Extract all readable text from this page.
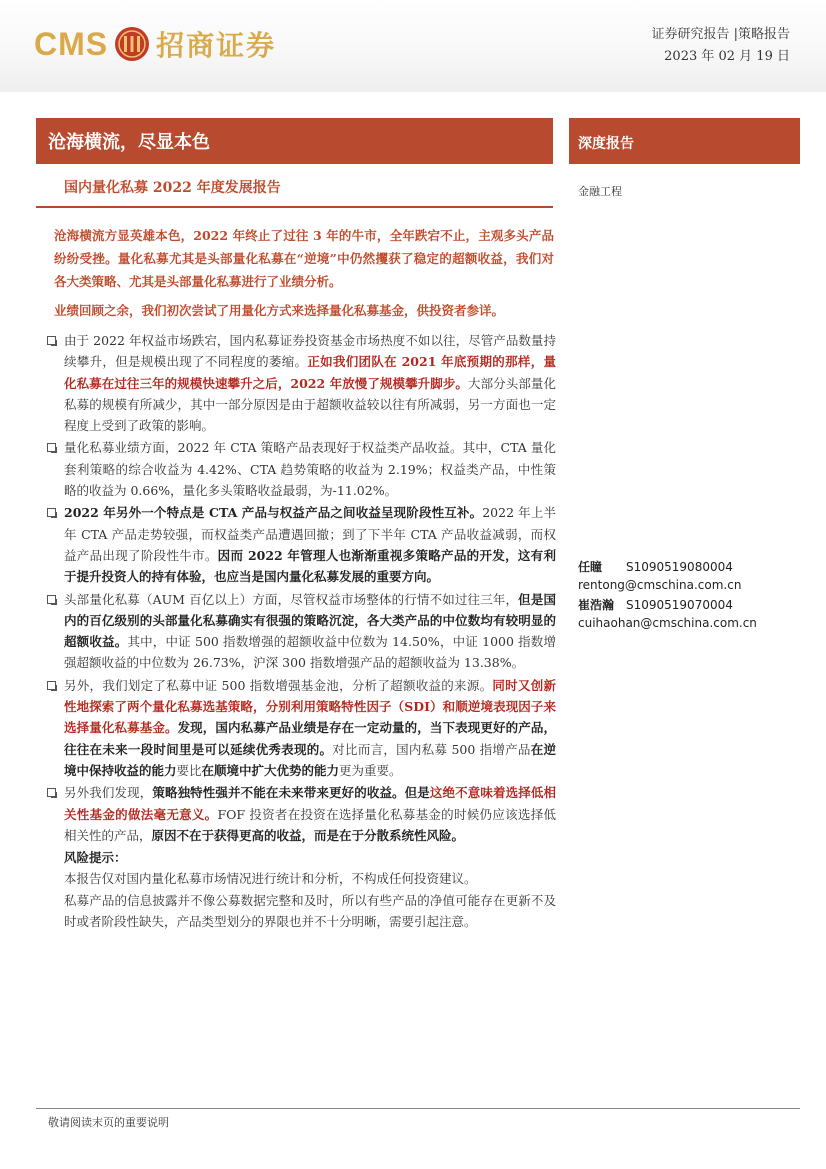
CMS 招商证券	证券研究报告 |策略报告
2023 年 02 月 19 日
沧海横流，尽显本色
国内量化私募 2022 年度发展报告
深度报告
金融工程

沧海横流方显英雄本色，2022 年终止了过往 3 年的牛市，全年跌宕不止，主观多头产品纷纷受挫。量化私募尤其是头部量化私募在“逆境”中仍然攫获了稳定的超额收益，我们对各大类策略、尤其是头部量化私募进行了业绩分析。

业绩回顾之余，我们初次尝试了用量化方式来选择量化私募基金，供投资者参详。

由于 2022 年权益市场跌宕，国内私募证券投资基金市场热度不如以往，尽管产品数量持续攀升，但是规模出现了不同程度的萎缩。正如我们团队在 2021 年底预期的那样，量化私募在过往三年的规模快速攀升之后，2022 年放慢了规模攀升脚步。大部分头部量化私募的规模有所减少，其中一部分原因是由于超额收益较以往有所减弱，另一方面也一定程度上受到了政策的影响。
量化私募业绩方面，2022 年 CTA 策略产品表现好于权益类产品收益。其中，CTA 量化套利策略的综合收益为 4.42%、CTA 趋势策略的收益为 2.19%；权益类产品，中性策略的收益为 0.66%，量化多头策略收益最弱，为-11.02%。
2022 年另外一个特点是 CTA 产品与权益产品之间收益呈现阶段性互补。2022 年上半年 CTA 产品走势较强，而权益类产品遭遇回撤；到了下半年 CTA 产品收益减弱，而权益产品出现了阶段性牛市。因而 2022 年管理人也渐渐重视多策略产品的开发，这有利于提升投资人的持有体验，也应当是国内量化私募发展的重要方向。
头部量化私募（AUM 百亿以上）方面，尽管权益市场整体的行情不如过往三年，但是国内的百亿级别的头部量化私募确实有很强的策略沉淀，各大类产品的中位数均有较明显的超额收益。其中，中证 500 指数增强的超额收益中位数为 14.50%，中证 1000 指数增强超额收益的中位数为 26.73%，沪深 300 指数增强产品的超额收益为 13.38%。
另外，我们划定了私募中证 500 指数增强基金池，分析了超额收益的来源。同时又创新性地探索了两个量化私募选基策略，分别利用策略特性因子（SDI）和顺逆境表现因子来选择量化私募基金。发现，国内私募产品业绩是存在一定动量的，当下表现更好的产品，往往在未来一段时间里是可以延续优秀表现的。对比而言，国内私募 500 指增产品在逆境中保持收益的能力要比在顺境中扩大优势的能力更为重要。
另外我们发现，策略独特性强并不能在未来带来更好的收益。但是这绝不意味着选择低相关性基金的做法毫无意义。FOF 投资者在投资在选择量化私募基金的时候仍应该选择低相关性的产品，原因不在于获得更高的收益，而是在于分散系统性风险。
风险提示：
本报告仅对国内量化私募市场情况进行统计和分析，不构成任何投资建议。
私募产品的信息披露并不像公募数据完整和及时，所以有些产品的净值可能存在更新不及时或者阶段性缺失，产品类型划分的界限也并不十分明晰，需要引起注意。
任瞳 S1090519080004
rentong@cmschina.com.cn
崔浩瀚 S1090519070004
cuihaohan@cmschina.com.cn
敬请阅读末页的重要说明
